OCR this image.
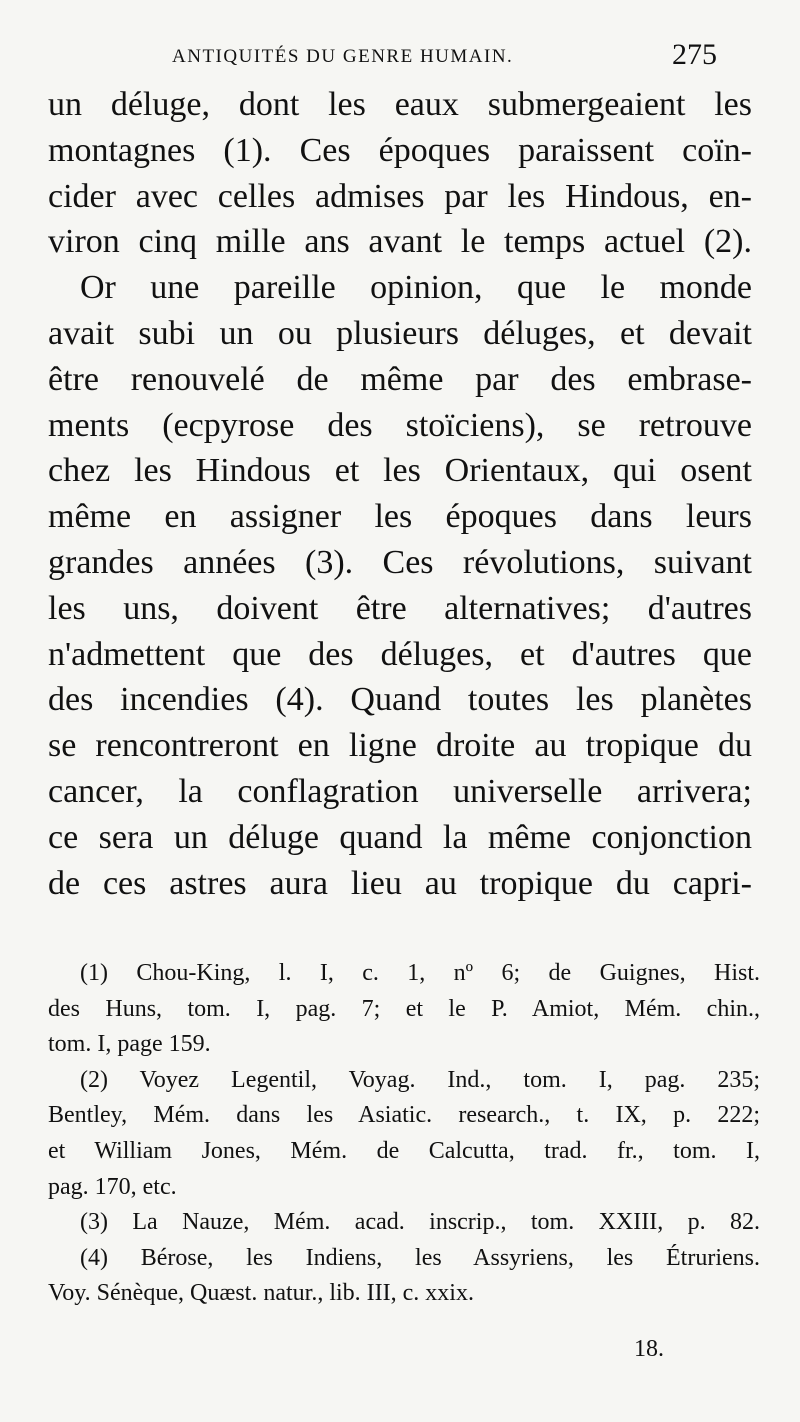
ANTIQUITÉS DU GENRE HUMAIN.	275
un déluge, dont les eaux submergeaient les
montagnes (1). Ces époques paraissent coïn-
cider avec celles admises par les Hindous, en-
viron cinq mille ans avant le temps actuel (2).
Or une pareille opinion, que le monde
avait subi un ou plusieurs déluges, et devait
être renouvelé de même par des embrase-
ments (ecpyrose des stoïciens), se retrouve
chez les Hindous et les Orientaux, qui osent
même en assigner les époques dans leurs
grandes années (3). Ces révolutions, suivant
les uns, doivent être alternatives; d'autres
n'admettent que des déluges, et d'autres que
des incendies (4). Quand toutes les planètes
se rencontreront en ligne droite au tropique du
cancer, la conflagration universelle arrivera;
ce sera un déluge quand la même conjonction
de ces astres aura lieu au tropique du capri-
(1) Chou-King, l. I, c. 1, nº 6; de Guignes, Hist.
des Huns, tom. I, pag. 7; et le P. Amiot, Mém. chin.,
tom. I, page 159.
(2) Voyez Legentil, Voyag. Ind., tom. I, pag. 235;
Bentley, Mém. dans les Asiatic. research., t. IX, p. 222;
et William Jones, Mém. de Calcutta, trad. fr., tom. I,
pag. 170, etc.
(3) La Nauze, Mém. acad. inscrip., tom. XXIII, p. 82.
(4) Bérose, les Indiens, les Assyriens, les Étruriens.
Voy. Sénèque, Quæst. natur., lib. III, c. xxix.
18.
